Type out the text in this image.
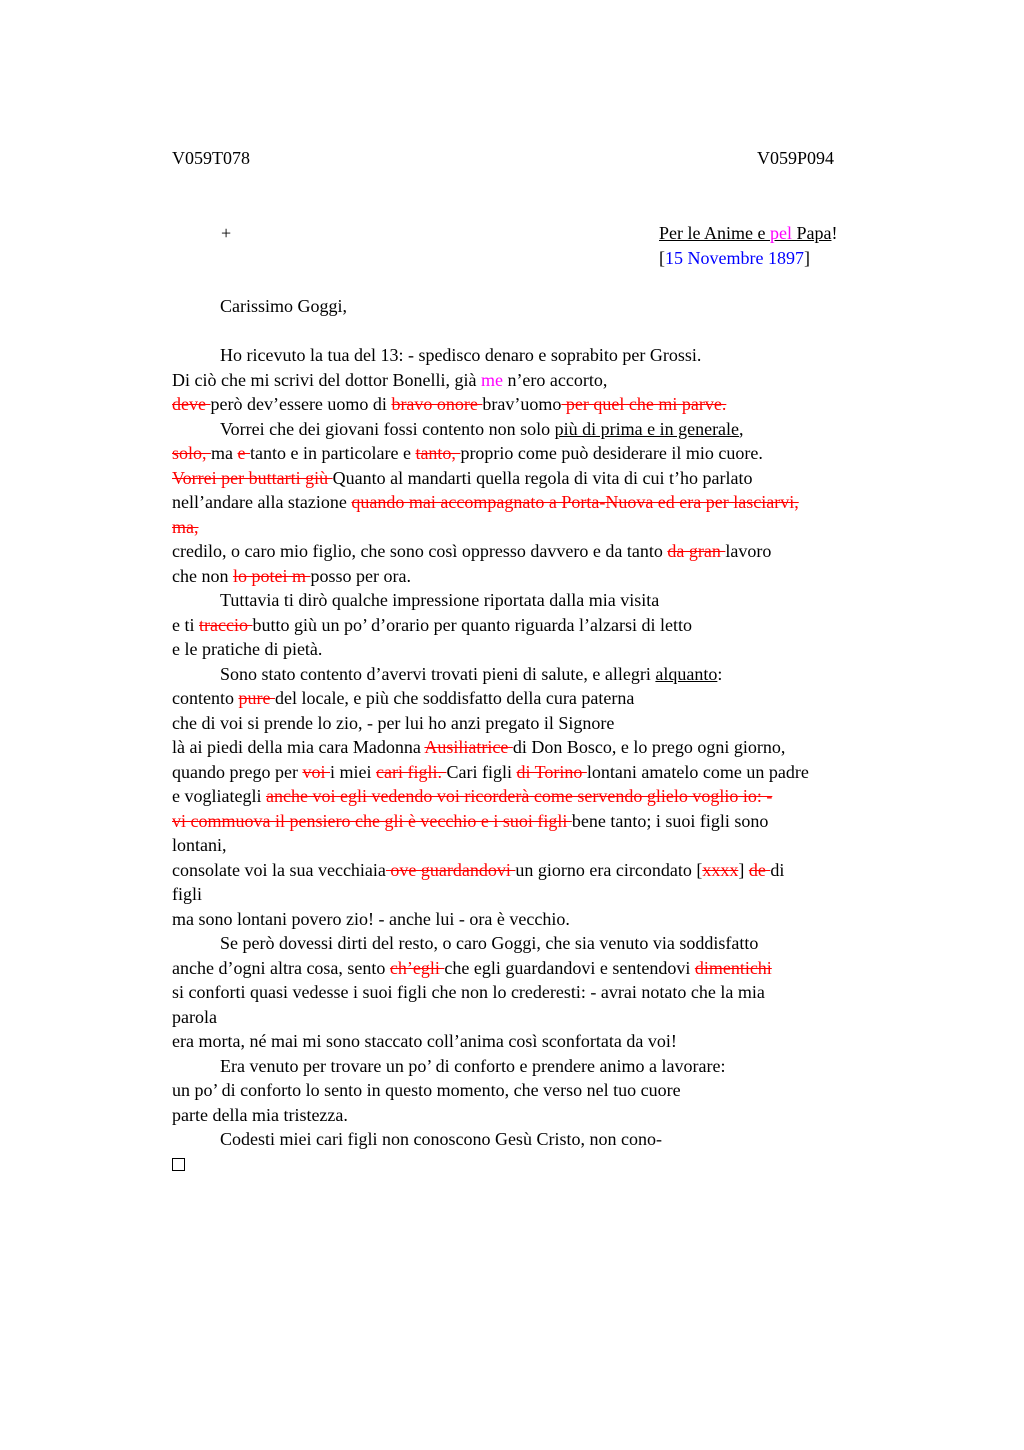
V059T078	V059P094
+	Per le Anime e pel Papa!
[15 Novembre 1897]
Carissimo Goggi,
Ho ricevuto la tua del 13: - spedisco denaro e soprabito per Grossi.
Di ciò che mi scrivi del dottor Bonelli, già me n’ero accorto,
deve però dev’essere uomo di bravo onore brav’uomo per quel che mi parve.
Vorrei che dei giovani fossi contento non solo più di prima e in generale,
solo, ma e tanto e in particolare e tanto, proprio come può desiderare il mio cuore.
Vorrei per buttarti giù Quanto al mandarti quella regola di vita di cui t’ho parlato
nell’andare alla stazione quando mai accompagnato a Porta-Nuova ed era per lasciarvi,
ma,
credilo, o caro mio figlio, che sono così oppresso davvero e da tanto da gran lavoro
che non lo potei m posso per ora.
Tuttavia ti dirò qualche impressione riportata dalla mia visita
e ti traccio butto giù un po’ d’orario per quanto riguarda l’alzarsi di letto
e le pratiche di pietà.
Sono stato contento d’avervi trovati pieni di salute, e allegri alquanto:
contento pure del locale, e più che soddisfatto della cura paterna
che di voi si prende lo zio, - per lui ho anzi pregato il Signore
là ai piedi della mia cara Madonna Ausiliatrice di Don Bosco, e lo prego ogni giorno,
quando prego per voi i miei cari figli. Cari figli di Torino lontani amatelo come un padre
e vogliategli anche voi egli vedendo voi ricorderà come servendo glielo voglio io: -
vi commuova il pensiero che gli è vecchio e i suoi figli bene tanto; i suoi figli sono
lontani,
consolate voi la sua vecchiaia ove guardandovi un giorno era circondato [xxxx] de di
figli
ma sono lontani povero zio! - anche lui - ora è vecchio.
Se però dovessi dirti del resto, o caro Goggi, che sia venuto via soddisfatto
anche d’ogni altra cosa, sento ch’egli che egli guardandovi e sentendovi dimentichi
si conforti quasi vedesse i suoi figli che non lo crederesti: - avrai notato che la mia
parola
era morta, né mai mi sono staccato coll’anima così sconfortata da voi!
Era venuto per trovare un po’ di conforto e prendere animo a lavorare:
un po’ di conforto lo sento in questo momento, che verso nel tuo cuore
parte della mia tristezza.
Codesti miei cari figli non conoscono Gesù Cristo, non cono-
